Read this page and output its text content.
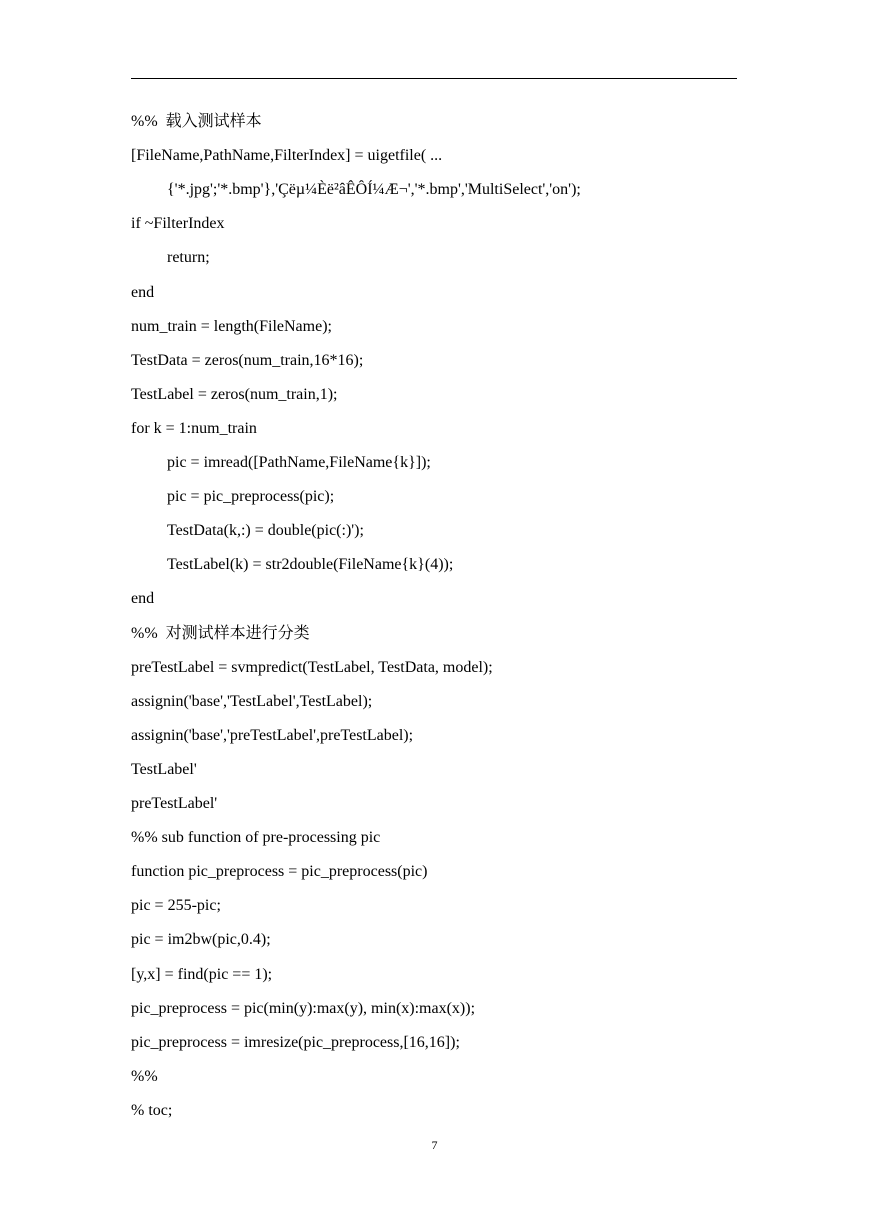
%%  载入测试样本
[FileName,PathName,FilterIndex] = uigetfile( ...
{'*.jpg';'*.bmp'},'Çëµ¼Èë²âÊÔÍ¼Æ¬','*.bmp','MultiSelect','on');
if ~FilterIndex
return;
end
num_train = length(FileName);
TestData = zeros(num_train,16*16);
TestLabel = zeros(num_train,1);
for k = 1:num_train
pic = imread([PathName,FileName{k}]);
pic = pic_preprocess(pic);
TestData(k,:) = double(pic(:)');
TestLabel(k) = str2double(FileName{k}(4));
end
%%  对测试样本进行分类
preTestLabel = svmpredict(TestLabel, TestData, model);
assignin('base','TestLabel',TestLabel);
assignin('base','preTestLabel',preTestLabel);
TestLabel'
preTestLabel'
%% sub function of pre-processing pic
function pic_preprocess = pic_preprocess(pic)
pic = 255-pic;
pic = im2bw(pic,0.4);
[y,x] = find(pic == 1);
pic_preprocess = pic(min(y):max(y), min(x):max(x));
pic_preprocess = imresize(pic_preprocess,[16,16]);
%%
% toc;
7
